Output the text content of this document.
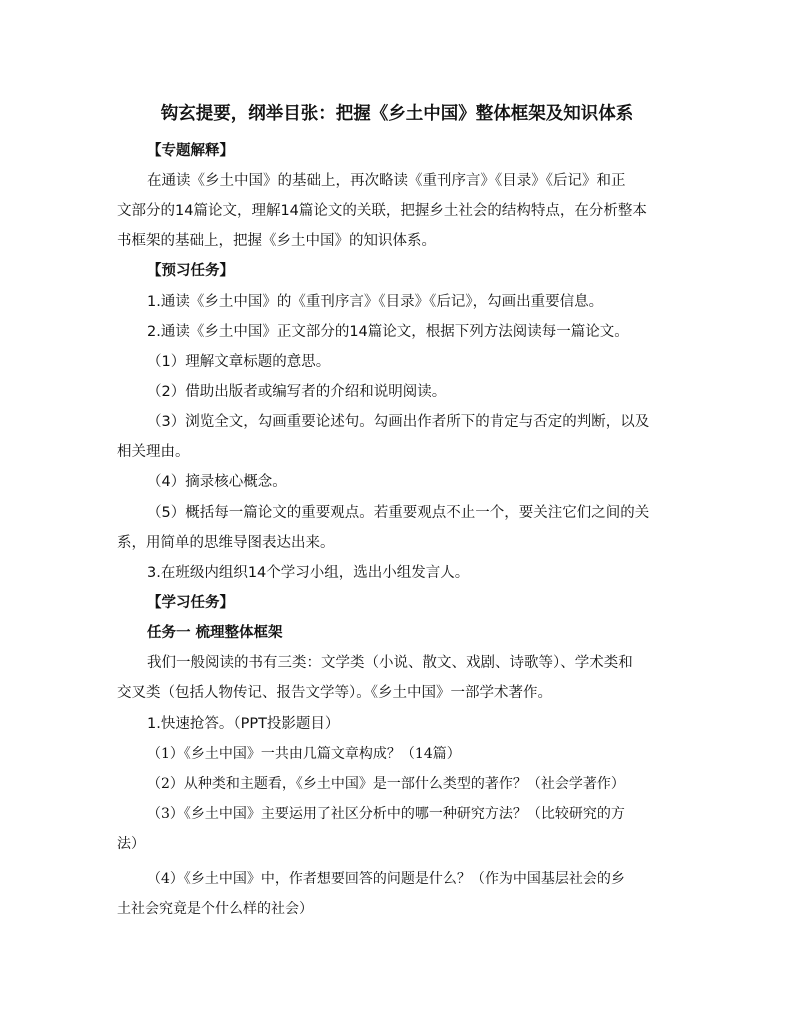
钩玄提要，纲举目张：把握《乡土中国》整体框架及知识体系
【专题解释】
在通读《乡土中国》的基础上，再次略读《重刊序言》《目录》《后记》和正
文部分的14篇论文，理解14篇论文的关联，把握乡土社会的结构特点，在分析整本
书框架的基础上，把握《乡土中国》的知识体系。
【预习任务】
1.通读《乡土中国》的《重刊序言》《目录》《后记》，勾画出重要信息。
2.通读《乡土中国》正文部分的14篇论文，根据下列方法阅读每一篇论文。
（1）理解文章标题的意思。
（2）借助出版者或编写者的介绍和说明阅读。
（3）浏览全文，勾画重要论述句。勾画出作者所下的肯定与否定的判断，以及
相关理由。
（4）摘录核心概念。
（5）概括每一篇论文的重要观点。若重要观点不止一个，要关注它们之间的关
系，用简单的思维导图表达出来。
3.在班级内组织14个学习小组，选出小组发言人。
【学习任务】
任务一 梳理整体框架
我们一般阅读的书有三类：文学类（小说、散文、戏剧、诗歌等）、学术类和
交叉类（包括人物传记、报告文学等）。《乡土中国》一部学术著作。
1.快速抢答。（PPT投影题目）
（1）《乡土中国》一共由几篇文章构成？（14篇）
（2）从种类和主题看，《乡土中国》是一部什么类型的著作？（社会学著作）
（3）《乡土中国》主要运用了社区分析中的哪一种研究方法？（比较研究的方
法）
（4）《乡土中国》中，作者想要回答的问题是什么？（作为中国基层社会的乡
土社会究竟是个什么样的社会）
